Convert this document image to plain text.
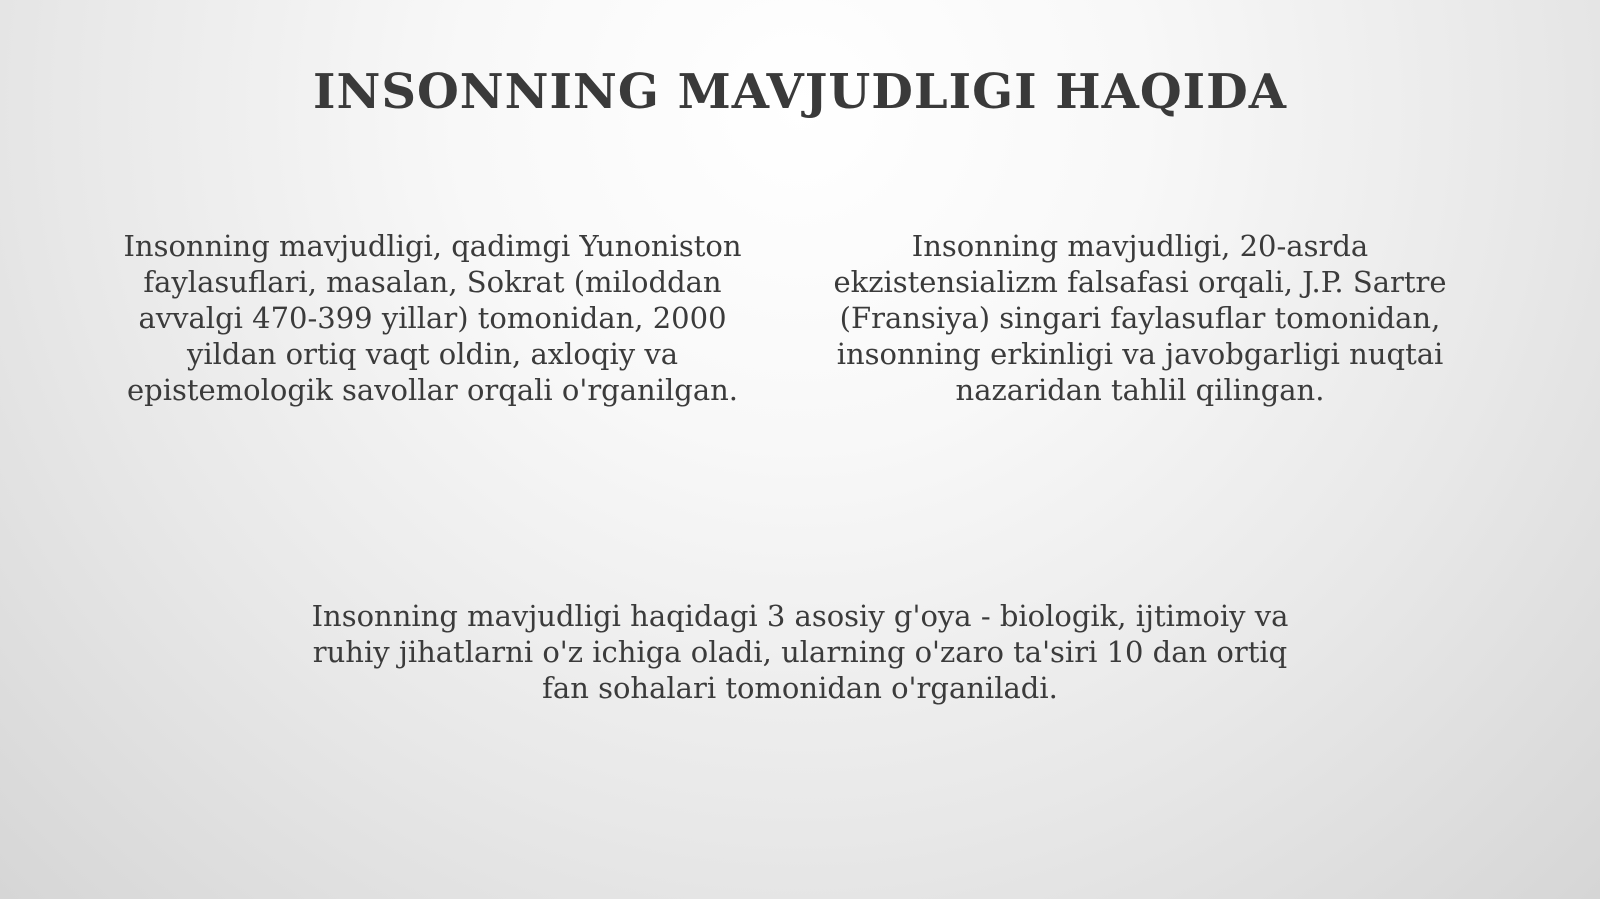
INSONNING MAVJUDLIGI HAQIDA

Insonning mavjudligi, qadimgi Yunoniston faylasuflari, masalan, Sokrat (miloddan avvalgi 470-399 yillar) tomonidan, 2000 yildan ortiq vaqt oldin, axloqiy va epistemologik savollar orqali o'rganilgan.

Insonning mavjudligi, 20-asrda ekzistensializm falsafasi orqali, J.P. Sartre (Fransiya) singari faylasuflar tomonidan, insonning erkinligi va javobgarligi nuqtai nazaridan tahlil qilingan.

Insonning mavjudligi haqidagi 3 asosiy g'oya - biologik, ijtimoiy va ruhiy jihatlarni o'z ichiga oladi, ularning o'zaro ta'siri 10 dan ortiq fan sohalari tomonidan o'rganiladi.
